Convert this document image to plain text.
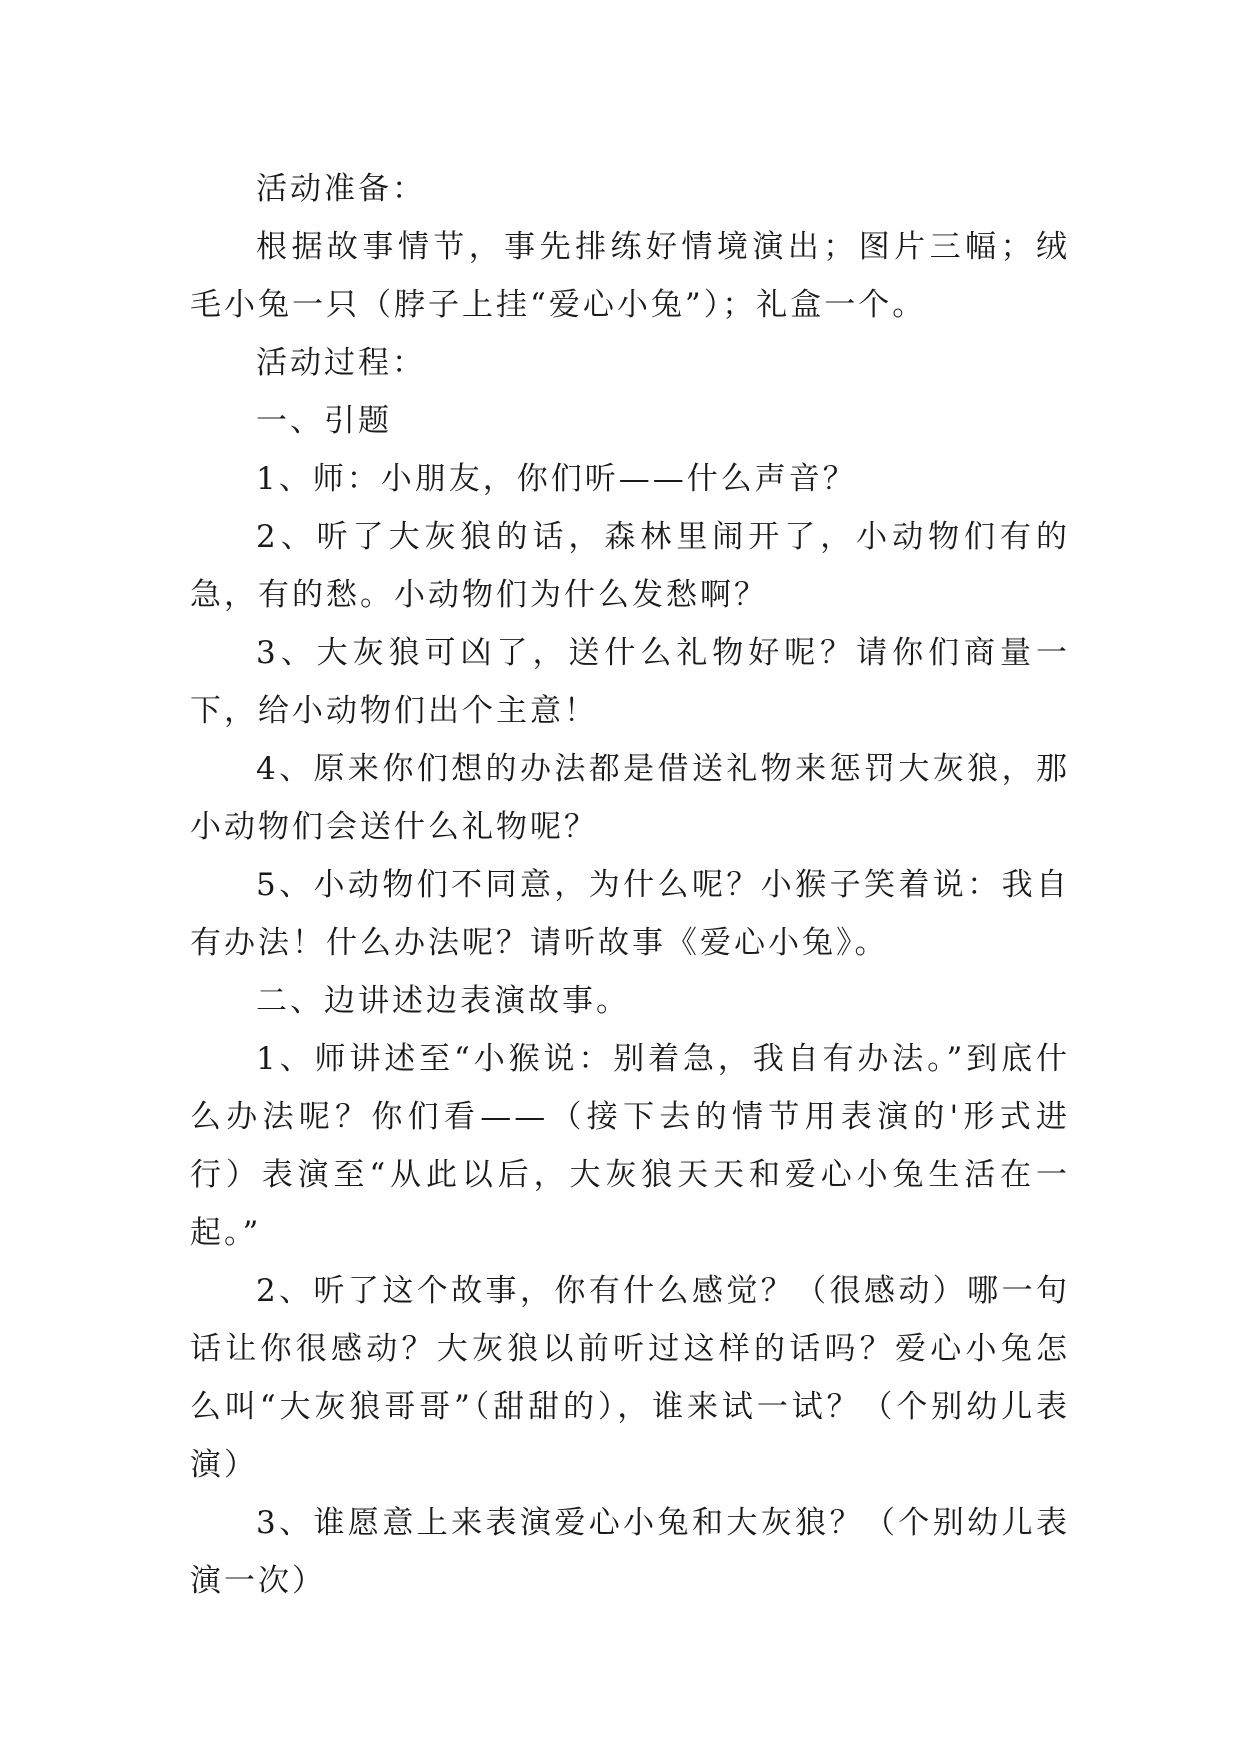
活动准备：

根据故事情节，事先排练好情境演出；图片三幅；绒毛小兔一只（脖子上挂“爱心小兔”）；礼盒一个。

活动过程：

一、引题

1、师：小朋友，你们听——什么声音？

2、听了大灰狼的话，森林里闹开了，小动物们有的急，有的愁。小动物们为什么发愁啊？

3、大灰狼可凶了，送什么礼物好呢？请你们商量一下，给小动物们出个主意！

4、原来你们想的办法都是借送礼物来惩罚大灰狼，那小动物们会送什么礼物呢？

5、小动物们不同意，为什么呢？小猴子笑着说：我自有办法！什么办法呢？请听故事《爱心小兔》。

二、边讲述边表演故事。

1、师讲述至“小猴说：别着急，我自有办法。”到底什么办法呢？你们看——（接下去的情节用表演的'形式进行）表演至“从此以后，大灰狼天天和爱心小兔生活在一起。”

2、听了这个故事，你有什么感觉？（很感动）哪一句话让你很感动？大灰狼以前听过这样的话吗？爱心小兔怎么叫“大灰狼哥哥”（甜甜的），谁来试一试？（个别幼儿表演）

3、谁愿意上来表演爱心小兔和大灰狼？（个别幼儿表演一次）
